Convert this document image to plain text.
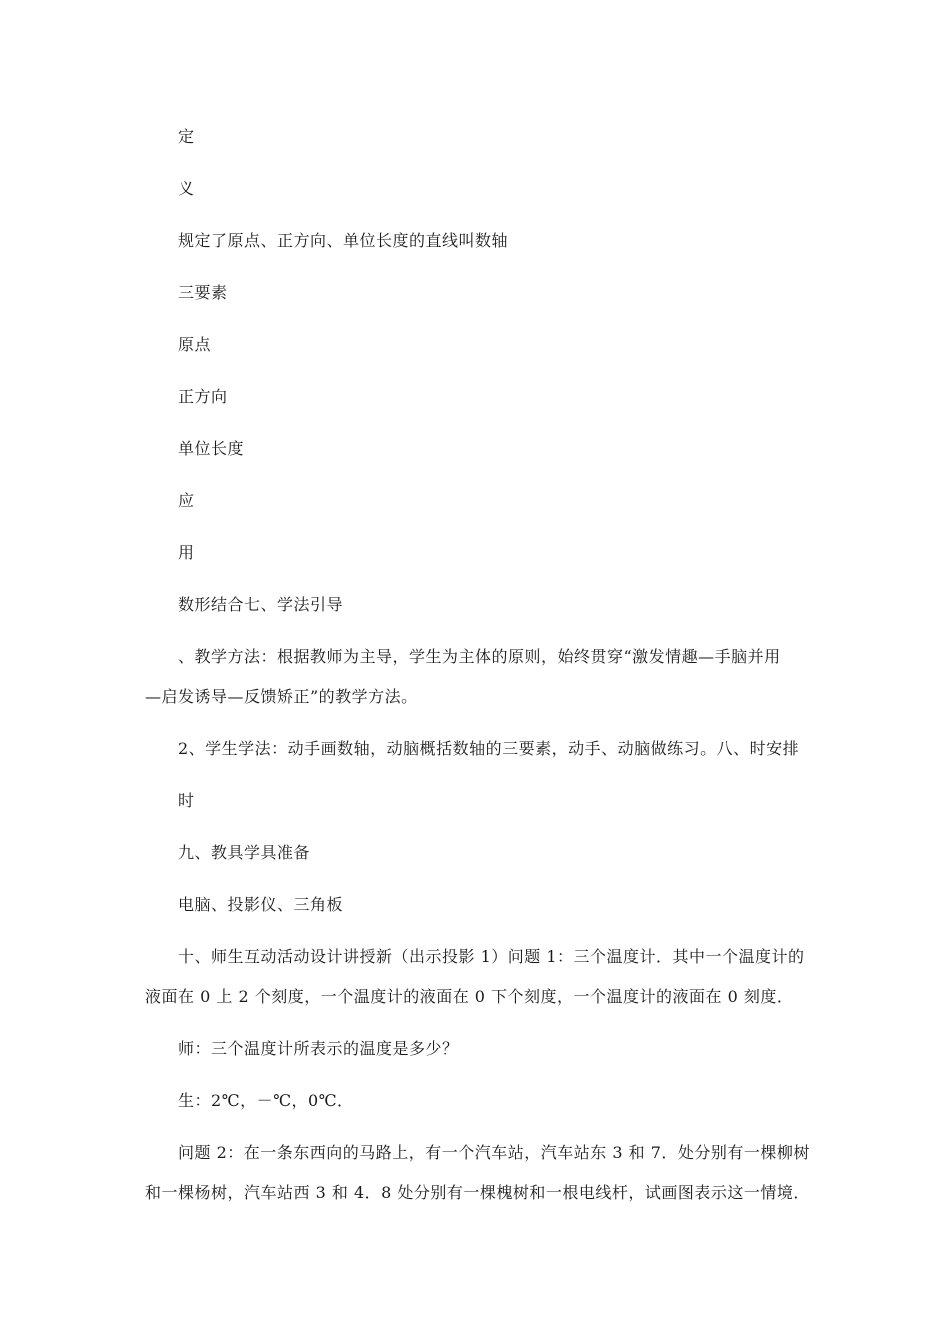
定
义
规定了原点、正方向、单位长度的直线叫数轴
三要素
原点
正方向
单位长度
应
用
数形结合七、学法引导
、教学方法：根据教师为主导，学生为主体的原则，始终贯穿“激发情趣—手脑并用
—启发诱导—反馈矫正”的教学方法。
2、学生学法：动手画数轴，动脑概括数轴的三要素，动手、动脑做练习。八、时安排
时
九、教具学具准备
电脑、投影仪、三角板
十、师生互动活动设计讲授新（出示投影 1）问题 1：三个温度计．其中一个温度计的
液面在 0 上 2 个刻度，一个温度计的液面在 0 下个刻度，一个温度计的液面在 0 刻度．
师：三个温度计所表示的温度是多少？
生：2℃，－℃，0℃．
问题 2：在一条东西向的马路上，有一个汽车站，汽车站东 3 和 7．处分别有一棵柳树
和一棵杨树，汽车站西 3 和 4．8 处分别有一棵槐树和一根电线杆，试画图表示这一情境．
